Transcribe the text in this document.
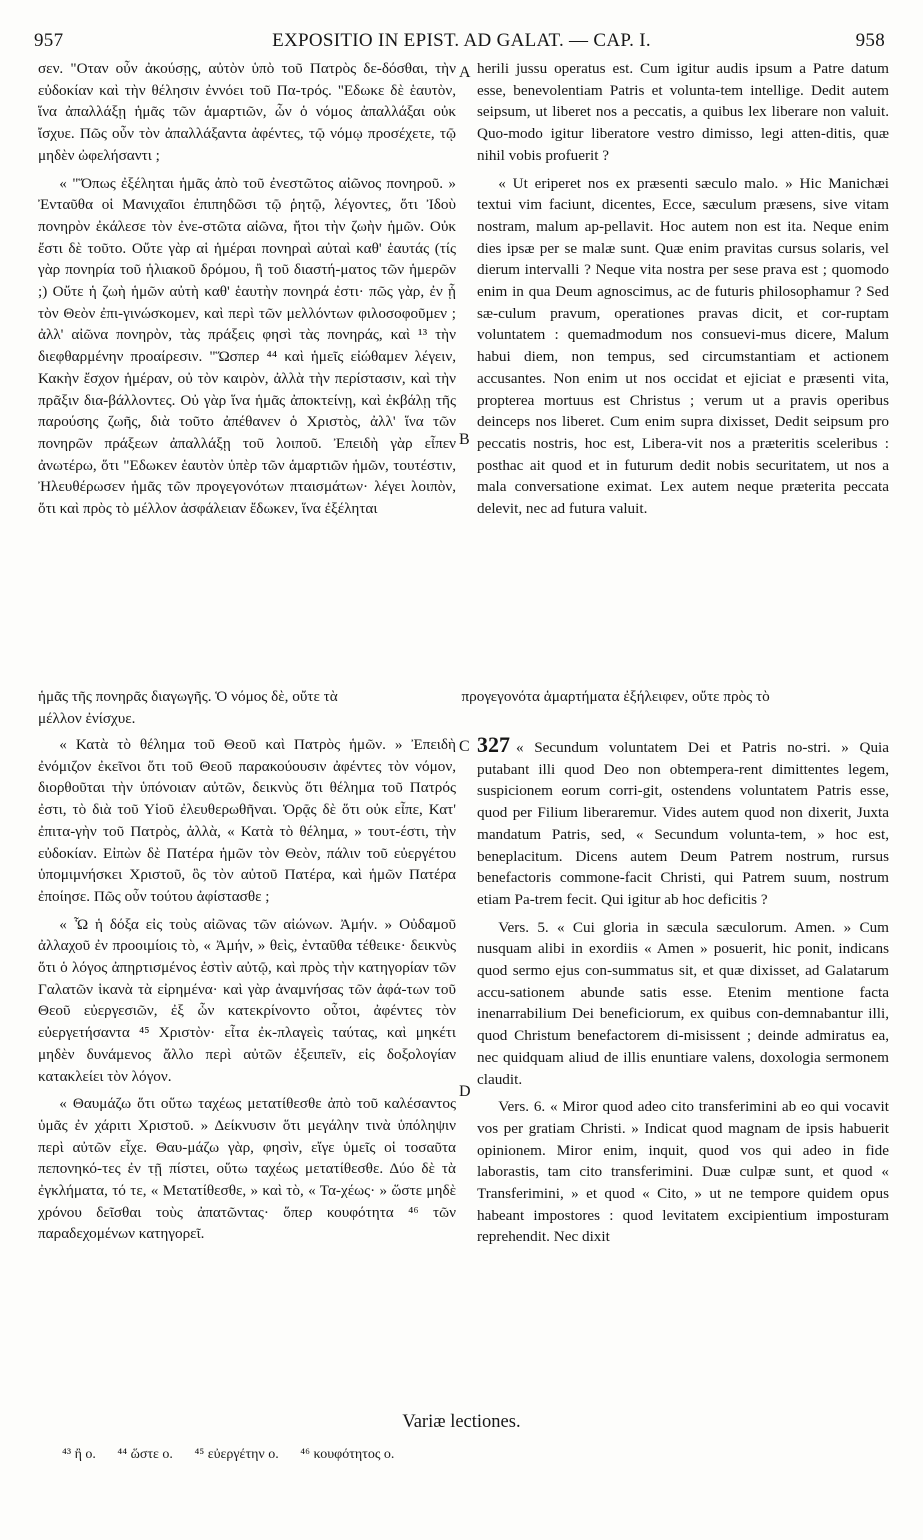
957	EXPOSITIO IN EPIST. AD GALAT. — CAP. I.	958

σεν. "Οταν οὖν ἀκούσῃς, αὐτὸν ὑπὸ τοῦ Πατρὸς δε-δόσθαι, τὴν εὐδοκίαν καὶ τὴν θέλησιν ἐννόει τοῦ Πα-τρός. "Εδωκε δὲ ἑαυτὸν, ἵνα ἀπαλλάξῃ ἡμᾶς τῶν ἁμαρτιῶν, ὧν ὁ νόμος ἀπαλλάξαι οὐκ ἴσχυε. Πῶς οὖν τὸν ἀπαλλάξαντα ἀφέντες, τῷ νόμῳ προσέχετε, τῷ μηδὲν ὠφελήσαντι ;

« "Ὅπως ἐξέληται ἡμᾶς ἀπὸ τοῦ ἐνεστῶτος αἰῶνος πονηροῦ. » Ἐνταῦθα οἱ Μανιχαῖοι ἐπιπηδῶσι τῷ ῥητῷ, λέγοντες, ὅτι Ἰδοὺ πονηρὸν ἐκάλεσε τὸν ἐνε-στῶτα αἰῶνα, ἤτοι τὴν ζωὴν ἡμῶν. Οὐκ ἔστι δὲ τοῦτο. Οὔτε γὰρ αἱ ἡμέραι πονηραὶ αὐταὶ καθ' ἑαυτάς (τίς γὰρ πονηρία τοῦ ἡλιακοῦ δρόμου, ἢ τοῦ διαστή-ματος τῶν ἡμερῶν ;) Οὔτε ἡ ζωὴ ἡμῶν αὐτὴ καθ' ἑαυτὴν πονηρά ἐστι· πῶς γὰρ, ἐν ᾗ τὸν Θεὸν ἐπι-γινώσκομεν, καὶ περὶ τῶν μελλόντων φιλοσοφοῦμεν ; ἀλλ' αἰῶνα πονηρὸν, τὰς πράξεις φησὶ τὰς πονηράς, καὶ ¹³ τὴν διεφθαρμένην προαίρεσιν. "Ὥσπερ ⁴⁴ καὶ ἡμεῖς εἰώθαμεν λέγειν, Κακὴν ἔσχον ἡμέραν, οὐ τὸν καιρὸν, ἀλλὰ τὴν περίστασιν, καὶ τὴν πρᾶξιν δια-βάλλοντες. Οὐ γὰρ ἵνα ἡμᾶς ἀποκτείνῃ, καὶ ἐκβάλῃ τῆς παρούσης ζωῆς, διὰ τοῦτο ἀπέθανεν ὁ Χριστὸς, ἀλλ' ἵνα τῶν πονηρῶν πράξεων ἀπαλλάξῃ τοῦ λοιποῦ. Ἐπειδὴ γὰρ εἶπεν ἀνωτέρω, ὅτι "Εδωκεν ἑαυτὸν ὑπὲρ τῶν ἁμαρτιῶν ἡμῶν, τουτέστιν, Ἠλευθέρωσεν ἡμᾶς τῶν προγεγονότων πταισμάτων· λέγει λοιπὸν, ὅτι καὶ πρὸς τὸ μέλλον ἀσφάλειαν ἔδωκεν, ἵνα ἐξέληται

herili jussu operatus est. Cum igitur audis ipsum a Patre datum esse, benevolentiam Patris et volunta-tem intellige. Dedit autem seipsum, ut liberet nos a peccatis, a quibus lex liberare non valuit. Quo-modo igitur liberatore vestro dimisso, legi atten-ditis, quæ nihil vobis profuerit ?

« Ut eriperet nos ex præsenti sæculo malo. » Hic Manichæi textui vim faciunt, dicentes, Ecce, sæculum præsens, sive vitam nostram, malum ap-pellavit. Hoc autem non est ita. Neque enim dies ipsæ per se malæ sunt. Quæ enim pravitas cursus solaris, vel dierum intervalli ? Neque vita nostra per sese prava est ; quomodo enim in qua Deum agnoscimus, ac de futuris philosophamur ? Sed sæ-culum pravum, operationes pravas dicit, et cor-ruptam voluntatem : quemadmodum nos consuevi-mus dicere, Malum habui diem, non tempus, sed circumstantiam et actionem accusantes. Non enim ut nos occidat et ejiciat e præsenti vita, propterea mortuus est Christus ; verum ut a pravis operibus deinceps nos liberet. Cum enim supra dixisset, Dedit seipsum pro peccatis nostris, hoc est, Libera-vit nos a præteritis sceleribus : posthac ait quod et in futurum dedit nobis securitatem, ut nos a mala conversatione eximat. Lex autem neque præterita peccata delevit, nec ad futura valuit.

A
B
ἡμᾶς τῆς πονηρᾶς διαγωγῆς. Ὁ νόμος δὲ, οὔτε τὰ	προγεγονότα ἁμαρτήματα ἐξήλειφεν, οὔτε πρὸς τὸ
μέλλον ἐνίσχυε.

« Κατὰ τὸ θέλημα τοῦ Θεοῦ καὶ Πατρὸς ἡμῶν. » Ἐπειδὴ ἐνόμιζον ἐκεῖνοι ὅτι τοῦ Θεοῦ παρακούουσιν ἀφέντες τὸν νόμον, διορθοῦται τὴν ὑπόνοιαν αὐτῶν, δεικνὺς ὅτι θέλημα τοῦ Πατρός ἐστι, τὸ διὰ τοῦ Υἱοῦ ἐλευθερωθῆναι. Ὁρᾷς δὲ ὅτι οὐκ εἶπε, Κατ' ἐπιτα-γὴν τοῦ Πατρὸς, ἀλλὰ, « Κατὰ τὸ θέλημα, » τουτ-έστι, τὴν εὐδοκίαν. Εἰπὼν δὲ Πατέρα ἡμῶν τὸν Θεὸν, πάλιν τοῦ εὐεργέτου ὑπομιμνήσκει Χριστοῦ, ὃς τὸν αὐτοῦ Πατέρα, καὶ ἡμῶν Πατέρα ἐποίησε. Πῶς οὖν τούτου ἀφίστασθε ;

« Ὧ ἡ δόξα εἰς τοὺς αἰῶνας τῶν αἰώνων. Ἀμήν. » Οὐδαμοῦ ἀλλαχοῦ ἐν προοιμίοις τὸ, « Ἀμήν, » θεὶς, ἐνταῦθα τέθεικε· δεικνὺς ὅτι ὁ λόγος ἀπηρτισμένος ἐστὶν αὐτῷ, καὶ πρὸς τὴν κατηγορίαν τῶν Γαλατῶν ἱκανὰ τὰ εἰρημένα· καὶ γὰρ ἀναμνήσας τῶν ἀφά-των τοῦ Θεοῦ εὐεργεσιῶν, ἐξ ὧν κατεκρίνοντο οὗτοι, ἀφέντες τὸν εὐεργετήσαντα ⁴⁵ Χριστὸν· εἶτα ἐκ-πλαγεὶς ταύτας, καὶ μηκέτι μηδὲν δυνάμενος ἄλλο περὶ αὐτῶν ἐξειπεῖν, εἰς δοξολογίαν κατακλείει τὸν λόγον.

« Θαυμάζω ὅτι οὕτω ταχέως μετατίθεσθε ἀπὸ τοῦ καλέσαντος ὑμᾶς ἐν χάριτι Χριστοῦ. » Δείκνυσιν ὅτι μεγάλην τινὰ ὑπόληψιν περὶ αὐτῶν εἶχε. Θαυ-μάζω γὰρ, φησὶν, εἴγε ὑμεῖς οἱ τοσαῦτα πεπονηκό-τες ἐν τῇ πίστει, οὕτω ταχέως μετατίθεσθε. Δύο δὲ τὰ ἐγκλήματα, τό τε, « Μετατίθεσθε, » καὶ τὸ, « Τα-χέως· » ὥστε μηδὲ χρόνου δεῖσθαι τοὺς ἀπατῶντας· ὅπερ κουφότητα ⁴⁶ τῶν παραδεχομένων κατηγορεῖ.

327 « Secundum voluntatem Dei et Patris no-stri. » Quia putabant illi quod Deo non obtempera-rent dimittentes legem, suspicionem eorum corri-git, ostendens voluntatem Patris esse, quod per Filium liberaremur. Vides autem quod non dixerit, Juxta mandatum Patris, sed, « Secundum volunta-tem, » hoc est, beneplacitum. Dicens autem Deum Patrem nostrum, rursus benefactoris commone-facit Christi, qui Patrem suum, nostrum etiam Pa-trem fecit. Qui igitur ab hoc deficitis ?

Vers. 5. « Cui gloria in sæcula sæculorum. Amen. » Cum nusquam alibi in exordiis « Amen » posuerit, hic ponit, indicans quod sermo ejus con-summatus sit, et quæ dixisset, ad Galatarum accu-sationem abunde satis esse. Etenim mentione facta inenarrabilium Dei beneficiorum, ex quibus con-demnabantur illi, quod Christum benefactorem di-misissent ; deinde admiratus ea, nec quidquam aliud de illis enuntiare valens, doxologia sermonem claudit.

Vers. 6. « Miror quod adeo cito transferimini ab eo qui vocavit vos per gratiam Christi. » Indicat quod magnam de ipsis habuerit opinionem. Miror enim, inquit, quod vos qui adeo in fide laborastis, tam cito transferimini. Duæ culpæ sunt, et quod « Transferimini, » et quod « Cito, » ut ne tempore quidem opus habeant impostores : quod levitatem excipientium imposturam reprehendit. Nec dixit

C
D
Variæ lectiones.
⁴³ ἢ ο. ⁴⁴ ὥστε ο. ⁴⁵ εὐεργέτην ο. ⁴⁶ κουφότητος ο.
